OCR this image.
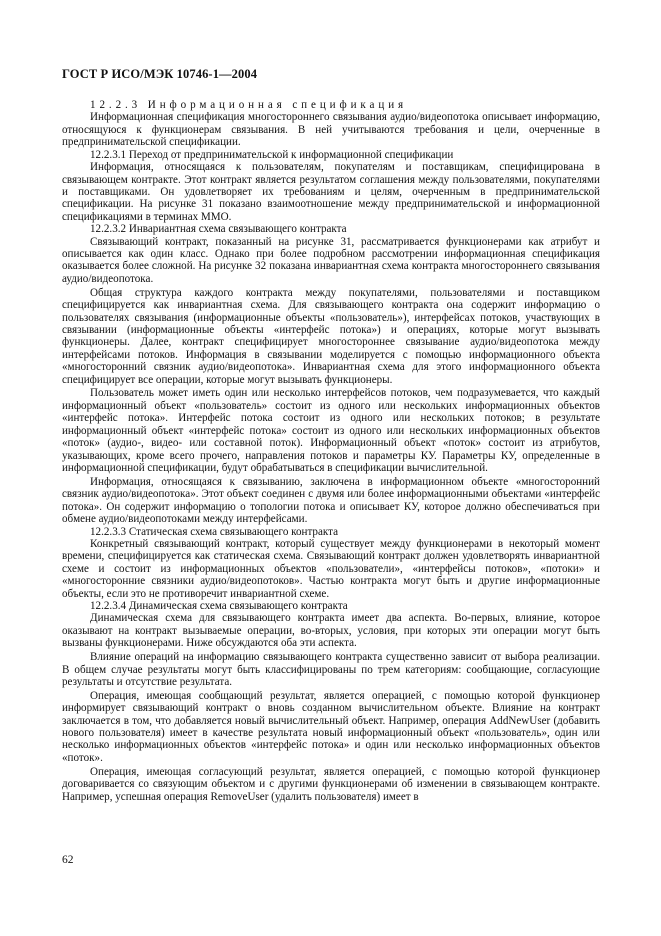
ГОСТ Р ИСО/МЭК 10746-1—2004

12.2.3 Информационная спецификация

Информационная спецификация многостороннего связывания аудио/видеопотока описывает информацию, относящуюся к функционерам связывания. В ней учитываются требования и цели, очерченные в предпринимательской спецификации.

12.2.3.1 Переход от предпринимательской к информационной спецификации

Информация, относящаяся к пользователям, покупателям и поставщикам, специфицирована в связывающем контракте. Этот контракт является результатом соглашения между пользователями, покупателями и поставщиками. Он удовлетворяет их требованиям и целям, очерченным в предпринимательской спецификации. На рисунке 31 показано взаимоотношение между предпринимательской и информационной спецификациями в терминах ММО.

12.2.3.2 Инвариантная схема связывающего контракта

Связывающий контракт, показанный на рисунке 31, рассматривается функционерами как атрибут и описывается как один класс. Однако при более подробном рассмотрении информационная спецификация оказывается более сложной. На рисунке 32 показана инвариантная схема контракта многостороннего связывания аудио/видеопотока.

Общая структура каждого контракта между покупателями, пользователями и поставщиком специфицируется как инвариантная схема. Для связывающего контракта она содержит информацию о пользователях связывания (информационные объекты «пользователь»), интерфейсах потоков, участвующих в связывании (информационные объекты «интерфейс потока») и операциях, которые могут вызывать функционеры. Далее, контракт специфицирует многостороннее связывание аудио/видеопотока между интерфейсами потоков. Информация в связывании моделируется с помощью информационного объекта «многосторонний связник аудио/видеопотока». Инвариантная схема для этого информационного объекта специфицирует все операции, которые могут вызывать функционеры.

Пользователь может иметь один или несколько интерфейсов потоков, чем подразумевается, что каждый информационный объект «пользователь» состоит из одного или нескольких информационных объектов «интерфейс потока». Интерфейс потока состоит из одного или нескольких потоков; в результате информационный объект «интерфейс потока» состоит из одного или нескольких информационных объектов «поток» (аудио-, видео- или составной поток). Информационный объект «поток» состоит из атрибутов, указывающих, кроме всего прочего, направления потоков и параметры КУ. Параметры КУ, определенные в информационной спецификации, будут обрабатываться в спецификации вычислительной.

Информация, относящаяся к связыванию, заключена в информационном объекте «многосторонний связник аудио/видеопотока». Этот объект соединен с двумя или более информационными объектами «интерфейс потока». Он содержит информацию о топологии потока и описывает КУ, которое должно обеспечиваться при обмене аудио/видеопотоками между интерфейсами.

12.2.3.3 Статическая схема связывающего контракта

Конкретный связывающий контракт, который существует между функционерами в некоторый момент времени, специфицируется как статическая схема. Связывающий контракт должен удовлетворять инвариантной схеме и состоит из информационных объектов «пользователи», «интерфейсы потоков», «потоки» и «многосторонние связники аудио/видеопотоков». Частью контракта могут быть и другие информационные объекты, если это не противоречит инвариантной схеме.

12.2.3.4 Динамическая схема связывающего контракта

Динамическая схема для связывающего контракта имеет два аспекта. Во-первых, влияние, которое оказывают на контракт вызываемые операции, во-вторых, условия, при которых эти операции могут быть вызваны функционерами. Ниже обсуждаются оба эти аспекта.

Влияние операций на информацию связывающего контракта существенно зависит от выбора реализации. В общем случае результаты могут быть классифицированы по трем категориям: сообщающие, согласующие результаты и отсутствие результата.

Операция, имеющая сообщающий результат, является операцией, с помощью которой функционер информирует связывающий контракт о вновь созданном вычислительном объекте. Влияние на контракт заключается в том, что добавляется новый вычислительный объект. Например, операция AddNewUser (добавить нового пользователя) имеет в качестве результата новый информационный объект «пользователь», один или несколько информационных объектов «интерфейс потока» и один или несколько информационных объектов «поток».

Операция, имеющая согласующий результат, является операцией, с помощью которой функционер договаривается со связующим объектом и с другими функционерами об изменении в связывающем контракте. Например, успешная операция RemoveUser (удалить пользователя) имеет в

62
